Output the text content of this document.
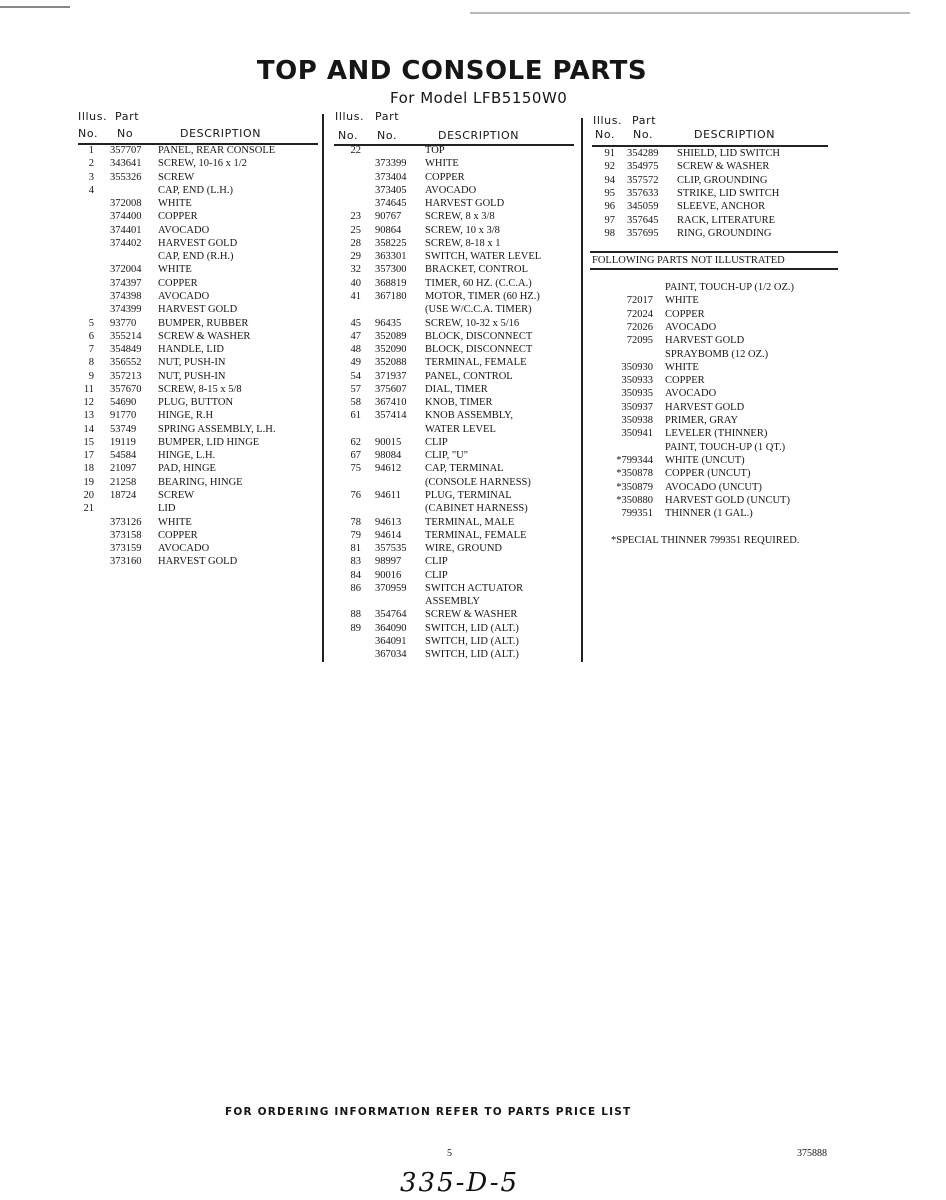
TOP AND CONSOLE PARTS
For Model LFB5150W0
Illus. Part
No. No	DESCRIPTION
Illus. Part
No. No.	DESCRIPTION
Illus. Part
No. No.	DESCRIPTION
1 357707 PANEL, REAR CONSOLE
2 343641 SCREW, 10-16 x 1/2
3 355326 SCREW
4	CAP, END (L.H.)
372008 WHITE
374400 COPPER
374401 AVOCADO
374402 HARVEST GOLD
CAP, END (R.H.)
372004 WHITE
374397 COPPER
374398 AVOCADO
374399 HARVEST GOLD
5 93770 BUMPER, RUBBER
6 355214 SCREW & WASHER
7 354849 HANDLE, LID
8 356552 NUT, PUSH-IN
9 357213 NUT, PUSH-IN
11 357670 SCREW, 8-15 x 5/8
12 54690 PLUG, BUTTON
13 91770 HINGE, R.H
14 53749 SPRING ASSEMBLY, L.H.
15 19119 BUMPER, LID HINGE
17 54584 HINGE, L.H.
18 21097 PAD, HINGE
19 21258 BEARING, HINGE
20 18724 SCREW
21	LID
373126 WHITE
373158 COPPER
373159 AVOCADO
373160 HARVEST GOLD
22	TOP
373399 WHITE
373404 COPPER
373405 AVOCADO
374645 HARVEST GOLD
23 90767 SCREW, 8 x 3/8
25 90864 SCREW, 10 x 3/8
28 358225 SCREW, 8-18 x 1
29 363301 SWITCH, WATER LEVEL
32 357300 BRACKET, CONTROL
40 368819 TIMER, 60 HZ. (C.C.A.)
41 367180 MOTOR, TIMER (60 HZ.)
(USE W/C.C.A. TIMER)
45 96435 SCREW, 10-32 x 5/16
47 352089 BLOCK, DISCONNECT
48 352090 BLOCK, DISCONNECT
49 352088 TERMINAL, FEMALE
54 371937 PANEL, CONTROL
57 375607 DIAL, TIMER
58 367410 KNOB, TIMER
61 357414 KNOB ASSEMBLY,
WATER LEVEL
62 90015 CLIP
67 98084 CLIP, "U"
75 94612 CAP, TERMINAL
(CONSOLE HARNESS)
76 94611 PLUG, TERMINAL
(CABINET HARNESS)
78 94613 TERMINAL, MALE
79 94614 TERMINAL, FEMALE
81 357535 WIRE, GROUND
83 98997 CLIP
84 90016 CLIP
86 370959 SWITCH ACTUATOR
ASSEMBLY
88 354764 SCREW & WASHER
89 364090 SWITCH, LID (ALT.)
364091 SWITCH, LID (ALT.)
367034 SWITCH, LID (ALT.)
91 354289 SHIELD, LID SWITCH
92 354975 SCREW & WASHER
94 357572 CLIP, GROUNDING
95 357633 STRIKE, LID SWITCH
96 345059 SLEEVE, ANCHOR
97 357645 RACK, LITERATURE
98 357695 RING, GROUNDING
PAINT, TOUCH-UP (1/2 OZ.)
72017 WHITE
72024 COPPER
72026 AVOCADO
72095 HARVEST GOLD
SPRAYBOMB (12 OZ.)
350930 WHITE
350933 COPPER
350935 AVOCADO
350937 HARVEST GOLD
350938 PRIMER, GRAY
350941 LEVELER (THINNER)
PAINT, TOUCH-UP (1 QT.)
*799344 WHITE (UNCUT)
*350878 COPPER (UNCUT)
*350879 AVOCADO (UNCUT)
*350880 HARVEST GOLD (UNCUT)
799351 THINNER (1 GAL.)
FOLLOWING PARTS NOT ILLUSTRATED
*SPECIAL THINNER 799351 REQUIRED.
FOR ORDERING INFORMATION REFER TO PARTS PRICE LIST
5	375888
335-D-5
